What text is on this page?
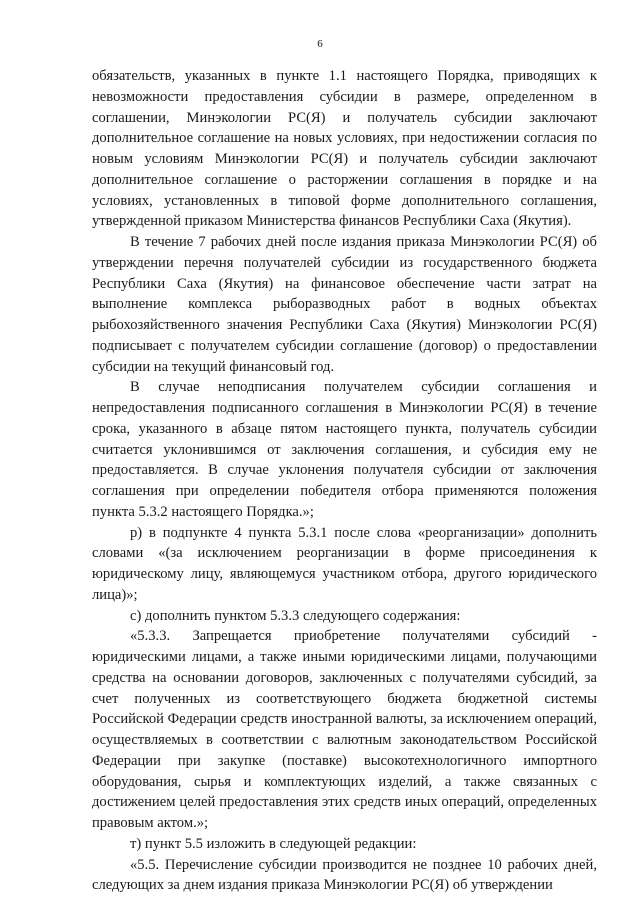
6

обязательств, указанных в пункте 1.1 настоящего Порядка, приводящих к невозможности предоставления субсидии в размере, определенном в соглашении, Минэкологии РС(Я) и получатель субсидии заключают дополнительное соглашение на новых условиях, при недостижении согласия по новым условиям Минэкологии РС(Я) и получатель субсидии заключают дополнительное соглашение о расторжении соглашения в порядке и на условиях, установленных в типовой форме дополнительного соглашения, утвержденной приказом Министерства финансов Республики Саха (Якутия).

В течение 7 рабочих дней после издания приказа Минэкологии РС(Я) об утверждении перечня получателей субсидии из государственного бюджета Республики Саха (Якутия) на финансовое обеспечение части затрат на выполнение комплекса рыборазводных работ в водных объектах рыбохозяйственного значения Республики Саха (Якутия) Минэкологии РС(Я) подписывает с получателем субсидии соглашение (договор) о предоставлении субсидии на текущий финансовый год.

В случае неподписания получателем субсидии соглашения и непредоставления подписанного соглашения в Минэкологии РС(Я) в течение срока, указанного в абзаце пятом настоящего пункта, получатель субсидии считается уклонившимся от заключения соглашения, и субсидия ему не предоставляется. В случае уклонения получателя субсидии от заключения соглашения при определении победителя отбора применяются положения пункта 5.3.2 настоящего Порядка.»;

р) в подпункте 4 пункта 5.3.1 после слова «реорганизации» дополнить словами «(за исключением реорганизации в форме присоединения к юридическому лицу, являющемуся участником отбора, другого юридического лица)»;

с) дополнить пунктом 5.3.3 следующего содержания:

«5.3.3. Запрещается приобретение получателями субсидий - юридическими лицами, а также иными юридическими лицами, получающими средства на основании договоров, заключенных с получателями субсидий, за счет полученных из соответствующего бюджета бюджетной системы Российской Федерации средств иностранной валюты, за исключением операций, осуществляемых в соответствии с валютным законодательством Российской Федерации при закупке (поставке) высокотехнологичного импортного оборудования, сырья и комплектующих изделий, а также связанных с достижением целей предоставления этих средств иных операций, определенных правовым актом.»;

т) пункт 5.5 изложить в следующей редакции:

«5.5. Перечисление субсидии производится не позднее 10 рабочих дней, следующих за днем издания приказа Минэкологии РС(Я) об утверждении
